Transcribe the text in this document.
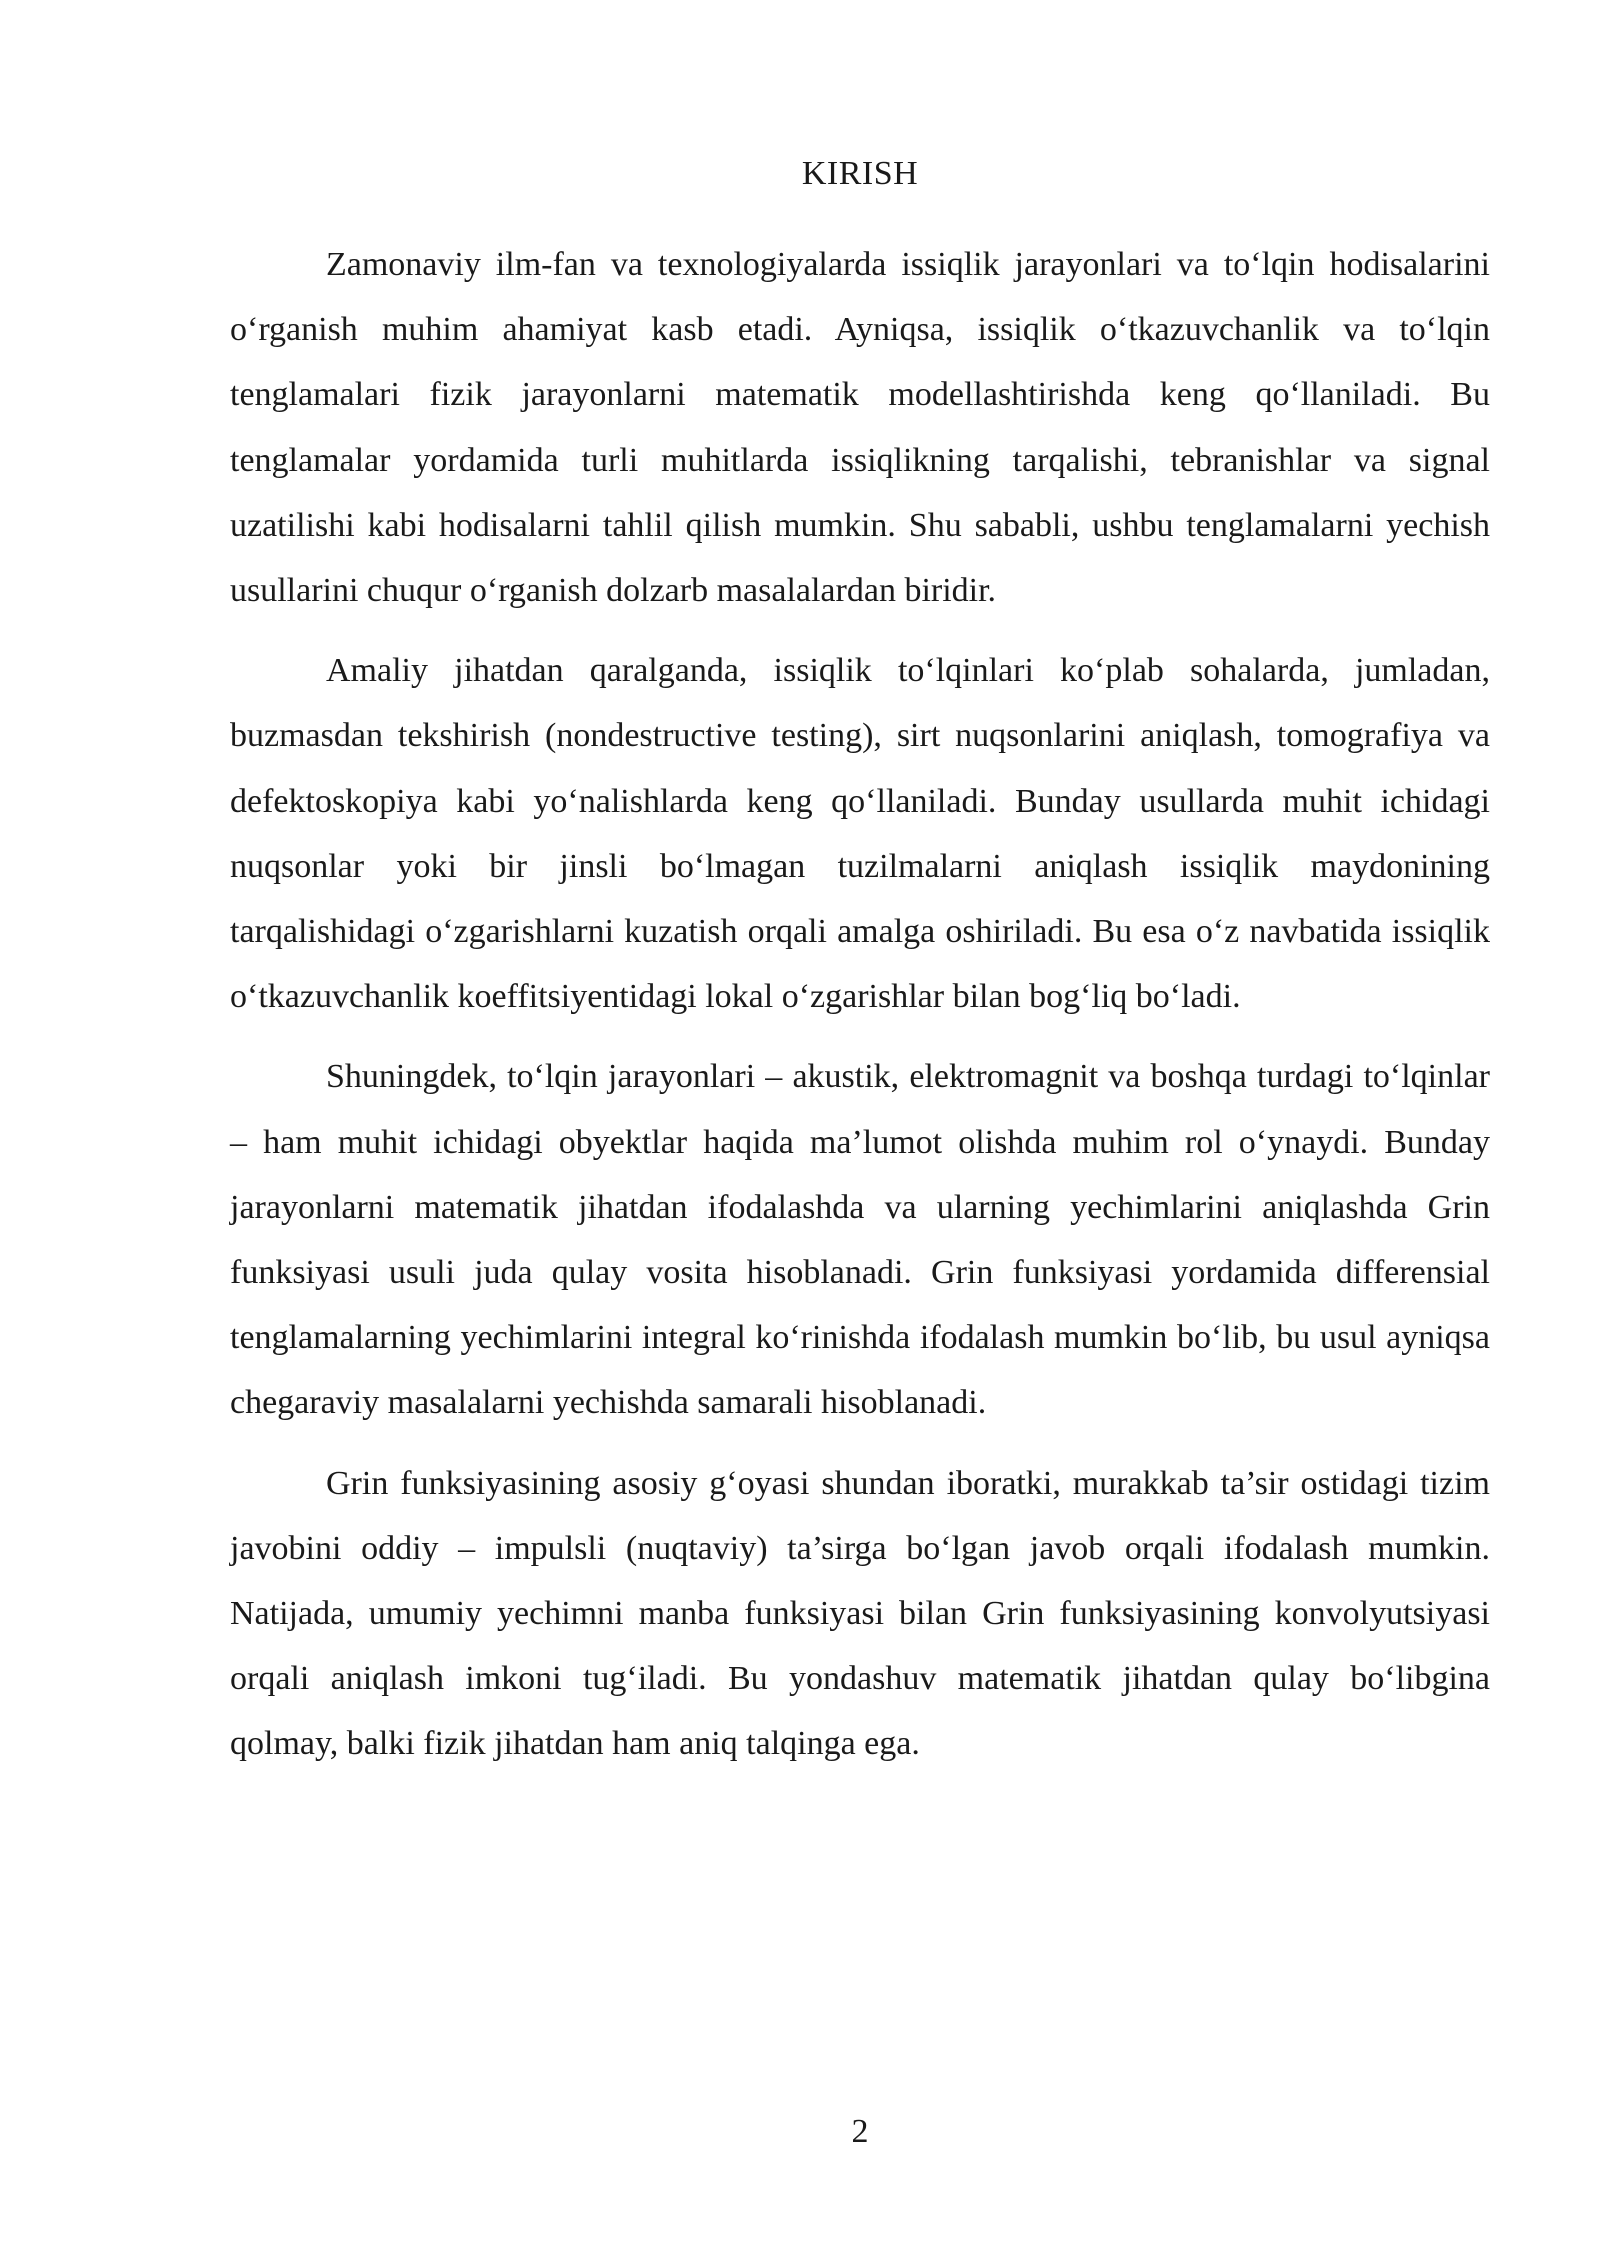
KIRISH

Zamonaviy ilm-fan va texnologiyalarda issiqlik jarayonlari va to‘lqin hodisalarini o‘rganish muhim ahamiyat kasb etadi. Ayniqsa, issiqlik o‘tkazuvchanlik va to‘lqin tenglamalari fizik jarayonlarni matematik modellashtirishda keng qo‘llaniladi. Bu tenglamalar yordamida turli muhitlarda issiqlikning tarqalishi, tebranishlar va signal uzatilishi kabi hodisalarni tahlil qilish mumkin. Shu sababli, ushbu tenglamalarni yechish usullarini chuqur o‘rganish dolzarb masalalardan biridir.

Amaliy jihatdan qaralganda, issiqlik to‘lqinlari ko‘plab sohalarda, jumladan, buzmasdan tekshirish (nondestructive testing), sirt nuqsonlarini aniqlash, tomografiya va defektoskopiya kabi yo‘nalishlarda keng qo‘llaniladi. Bunday usullarda muhit ichidagi nuqsonlar yoki bir jinsli bo‘lmagan tuzilmalarni aniqlash issiqlik maydonining tarqalishidagi o‘zgarishlarni kuzatish orqali amalga oshiriladi. Bu esa o‘z navbatida issiqlik o‘tkazuvchanlik koeffitsiyentidagi lokal o‘zgarishlar bilan bog‘liq bo‘ladi.

Shuningdek, to‘lqin jarayonlari – akustik, elektromagnit va boshqa turdagi to‘lqinlar – ham muhit ichidagi obyektlar haqida ma’lumot olishda muhim rol o‘ynaydi. Bunday jarayonlarni matematik jihatdan ifodalashda va ularning yechimlarini aniqlashda Grin funksiyasi usuli juda qulay vosita hisoblanadi. Grin funksiyasi yordamida differensial tenglamalarning yechimlarini integral ko‘rinishda ifodalash mumkin bo‘lib, bu usul ayniqsa chegaraviy masalalarni yechishda samarali hisoblanadi.

Grin funksiyasining asosiy g‘oyasi shundan iboratki, murakkab ta’sir ostidagi tizim javobini oddiy – impulsli (nuqtaviy) ta’sirga bo‘lgan javob orqali ifodalash mumkin. Natijada, umumiy yechimni manba funksiyasi bilan Grin funksiyasining konvolyutsiyasi orqali aniqlash imkoni tug‘iladi. Bu yondashuv matematik jihatdan qulay bo‘libgina qolmay, balki fizik jihatdan ham aniq talqinga ega.

2
